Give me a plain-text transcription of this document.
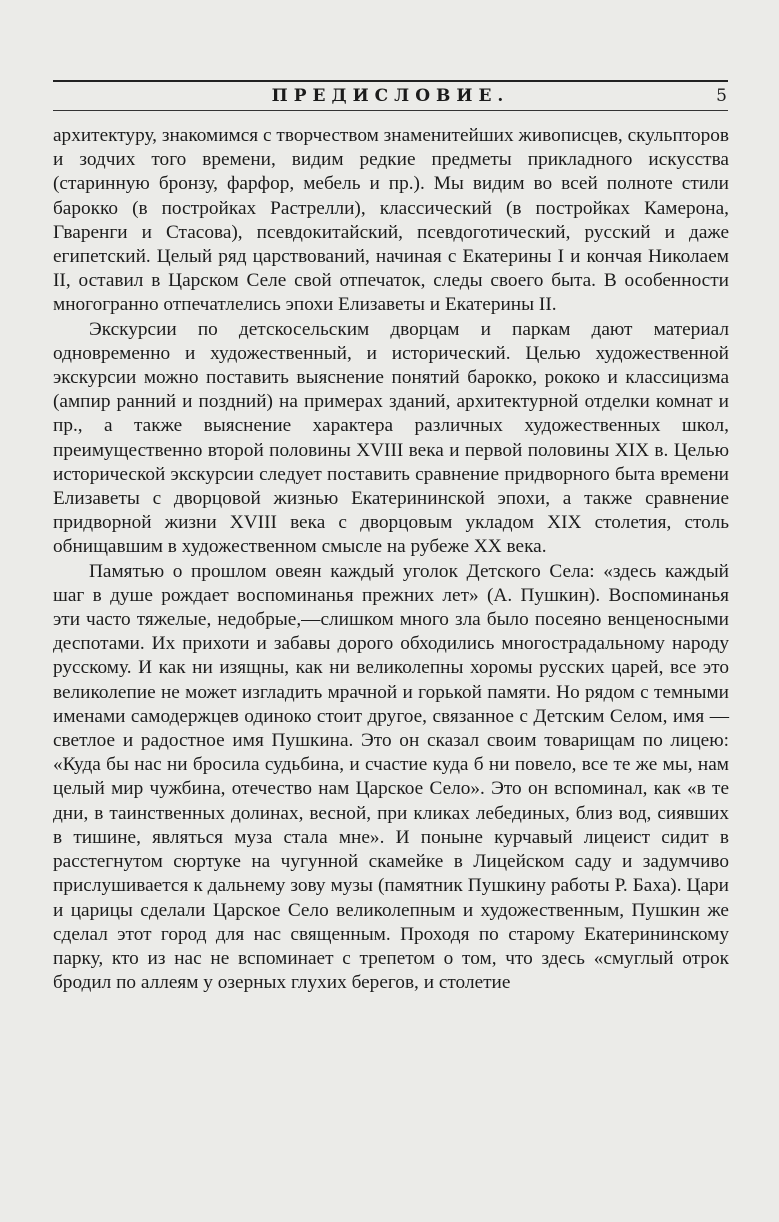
ПРЕДИСЛОВИЕ.	5

архитектуру, знакомимся с творчеством знаменитейших живописцев, скульпторов и зодчих того времени, видим редкие предметы прикладного искусства (старинную бронзу, фарфор, мебель и пр.). Мы видим во всей полноте стили барокко (в постройках Растрелли), классический (в постройках Камерона, Гваренги и Стасова), псевдокитайский, псевдоготический, русский и даже египетский. Целый ряд царствований, начиная с Екатерины I и кончая Николаем II, оставил в Царском Селе свой отпечаток, следы своего быта. В особенности многогранно отпечатлелись эпохи Елизаветы и Екатерины II.

Экскурсии по детскосельским дворцам и паркам дают материал одновременно и художественный, и исторический. Целью художественной экскурсии можно поставить выяснение понятий барокко, рококо и классицизма (ампир ранний и поздний) на примерах зданий, архитектурной отделки комнат и пр., а также выяснение характера различных художественных школ, преимущественно второй половины XVIII века и первой половины XIX в. Целью исторической экскурсии следует поставить сравнение придворного быта времени Елизаветы с дворцовой жизнью Екатерининской эпохи, а также сравнение придворной жизни XVIII века с дворцовым укладом XIX столетия, столь обнищавшим в художественном смысле на рубеже XX века.

Памятью о прошлом овеян каждый уголок Детского Села: «здесь каждый шаг в душе рождает воспоминанья прежних лет» (А. Пушкин). Воспоминанья эти часто тяжелые, недобрые,—слишком много зла было посеяно венценосными деспотами. Их прихоти и забавы дорого обходились многострадальному народу русскому. И как ни изящны, как ни великолепны хоромы русских царей, все это великолепие не может изгладить мрачной и горькой памяти. Но рядом с темными именами самодержцев одиноко стоит другое, связанное с Детским Селом, имя — светлое и радостное имя Пушкина. Это он сказал своим товарищам по лицею: «Куда бы нас ни бросила судьбина, и счастие куда б ни повело, все те же мы, нам целый мир чужбина, отечество нам Царское Село». Это он вспоминал, как «в те дни, в таинственных долинах, весной, при кликах лебединых, близ вод, сиявших в тишине, являться муза стала мне». И поныне курчавый лицеист сидит в расстегнутом сюртуке на чугунной скамейке в Лицейском саду и задумчиво прислушивается к дальнему зову музы (памятник Пушкину работы Р. Баха). Цари и царицы сделали Царское Село великолепным и художественным, Пушкин же сделал этот город для нас священным. Проходя по старому Екатерининскому парку, кто из нас не вспоминает с трепетом о том, что здесь «смуглый отрок бродил по аллеям у озерных глухих берегов, и столетие
